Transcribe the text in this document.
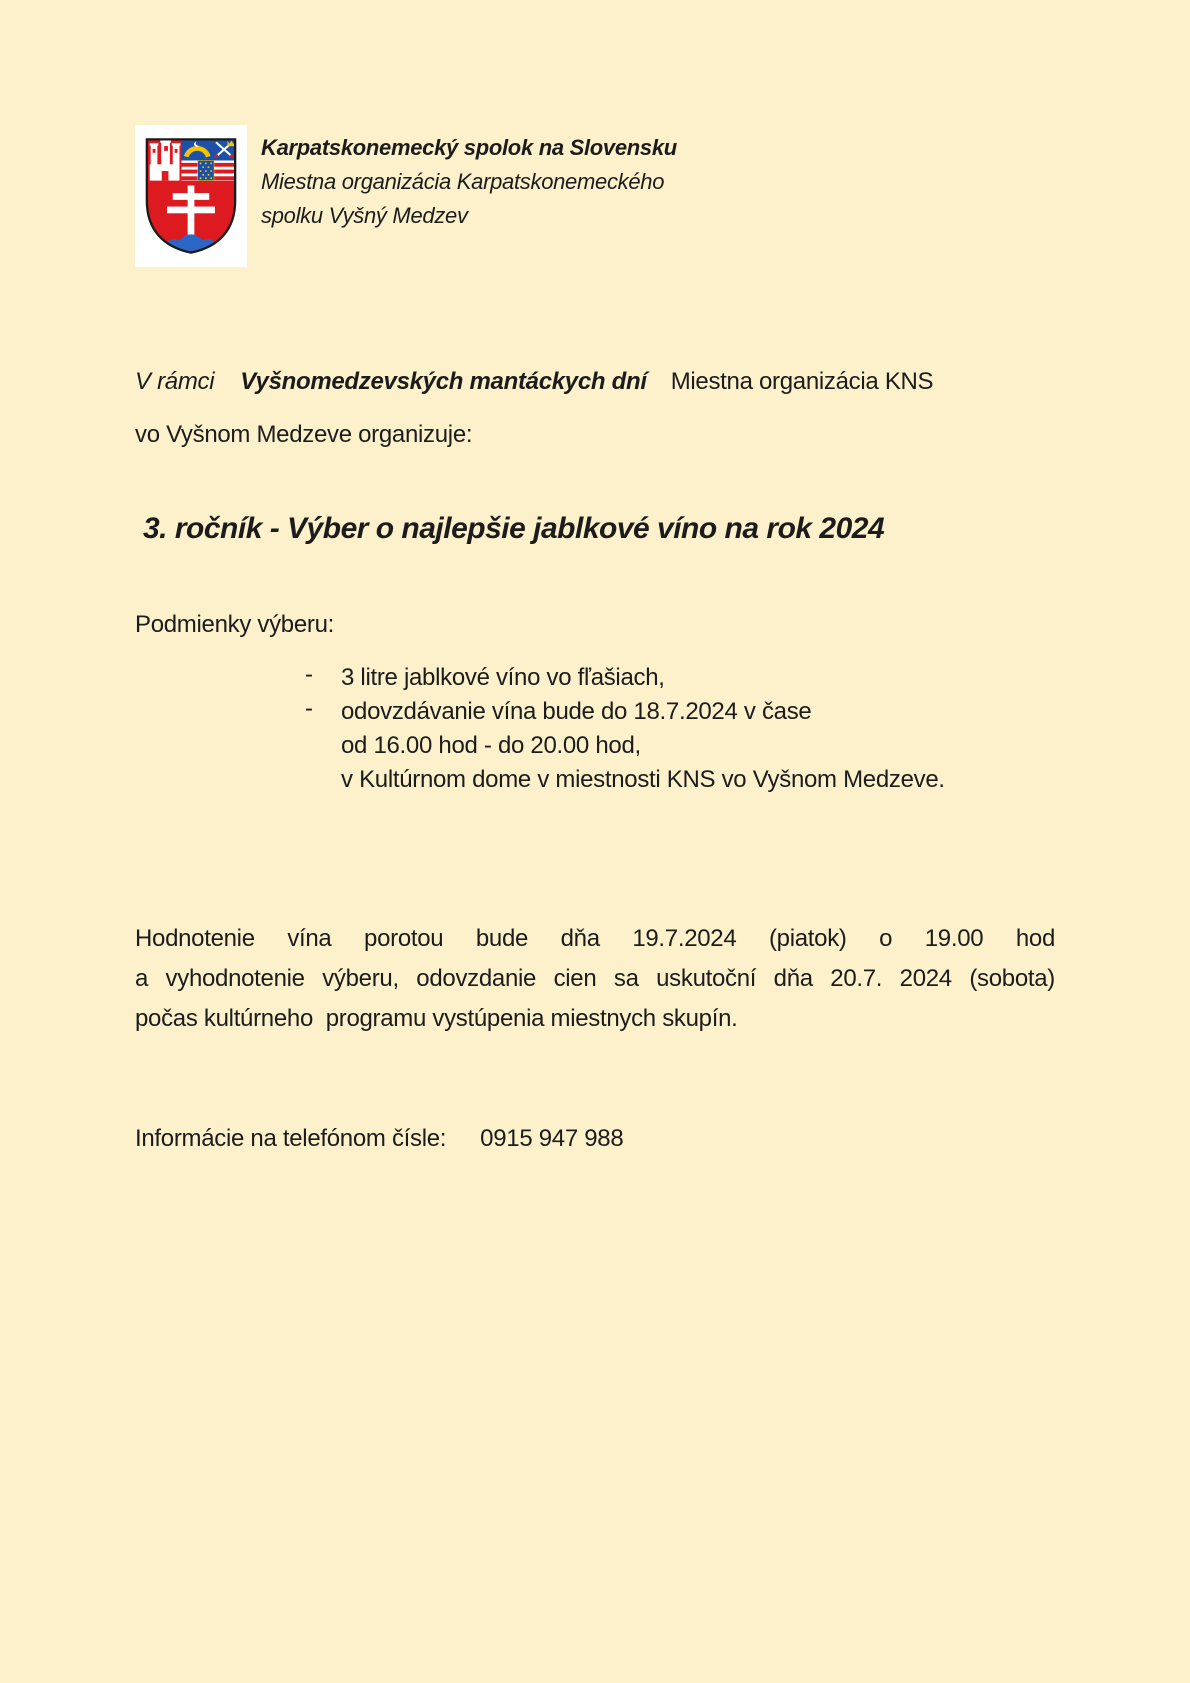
Karpatskonemecký spolok na Slovensku
Miestna organizácia Karpatskonemeckého
spolku Vyšný Medzev
V rámci Vyšnomedzevských mantáckych dní Miestna organizácia KNS
vo Vyšnom Medzeve organizuje:
3. ročník - Výber o najlepšie jablkové víno na rok 2024
Podmienky výberu:
-	3 litre jablkové víno vo fľašiach,
-	odovzdávanie vína bude do 18.7.2024 v čase
od 16.00 hod - do 20.00 hod,
v Kultúrnom dome v miestnosti KNS vo Vyšnom Medzeve.
Hodnotenie vína porotou bude dňa 19.7.2024 (piatok) o 19.00 hod
a vyhodnotenie výberu, odovzdanie cien sa uskutoční dňa 20.7. 2024 (sobota)
počas kultúrneho  programu vystúpenia miestnych skupín.
Informácie na telefónom čísle: 0915 947 988
